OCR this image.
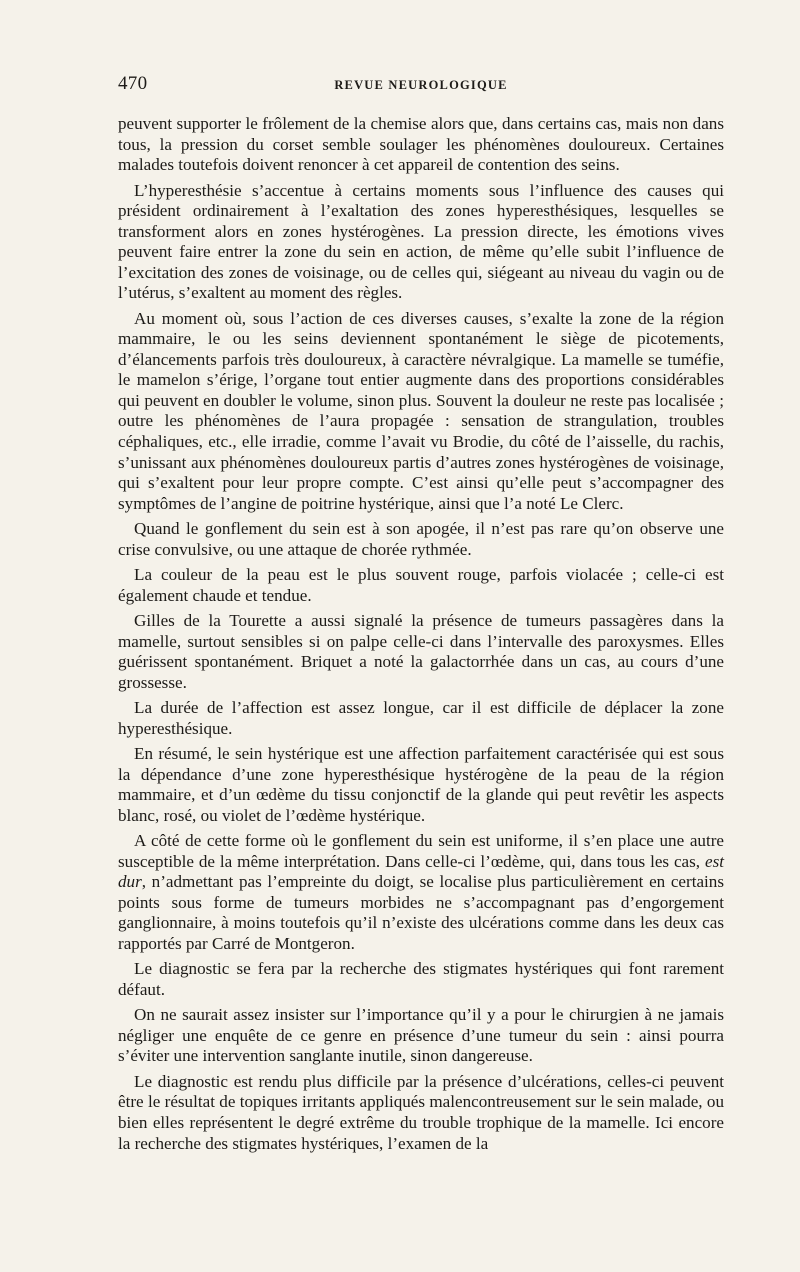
470	REVUE NEUROLOGIQUE

peuvent supporter le frôlement de la chemise alors que, dans certains cas, mais non dans tous, la pression du corset semble soulager les phénomènes douloureux. Certaines malades toutefois doivent renoncer à cet appareil de contention des seins.

L’hyperesthésie s’accentue à certains moments sous l’influence des causes qui président ordinairement à l’exaltation des zones hyperesthésiques, lesquelles se transforment alors en zones hystérogènes. La pression directe, les émotions vives peuvent faire entrer la zone du sein en action, de même qu’elle subit l’influence de l’excitation des zones de voisinage, ou de celles qui, siégeant au niveau du vagin ou de l’utérus, s’exaltent au moment des règles.

Au moment où, sous l’action de ces diverses causes, s’exalte la zone de la région mammaire, le ou les seins deviennent spontanément le siège de picotements, d’élancements parfois très douloureux, à caractère névralgique. La mamelle se tuméfie, le mamelon s’érige, l’organe tout entier augmente dans des proportions considérables qui peuvent en doubler le volume, sinon plus. Souvent la douleur ne reste pas localisée ; outre les phénomènes de l’aura propagée : sensation de strangulation, troubles céphaliques, etc., elle irradie, comme l’avait vu Brodie, du côté de l’aisselle, du rachis, s’unissant aux phénomènes douloureux partis d’autres zones hystérogènes de voisinage, qui s’exaltent pour leur propre compte. C’est ainsi qu’elle peut s’accompagner des symptômes de l’angine de poitrine hystérique, ainsi que l’a noté Le Clerc.

Quand le gonflement du sein est à son apogée, il n’est pas rare qu’on observe une crise convulsive, ou une attaque de chorée rythmée.

La couleur de la peau est le plus souvent rouge, parfois violacée ; celle-ci est également chaude et tendue.

Gilles de la Tourette a aussi signalé la présence de tumeurs passagères dans la mamelle, surtout sensibles si on palpe celle-ci dans l’intervalle des paroxysmes. Elles guérissent spontanément. Briquet a noté la galactorrhée dans un cas, au cours d’une grossesse.

La durée de l’affection est assez longue, car il est difficile de déplacer la zone hyperesthésique.

En résumé, le sein hystérique est une affection parfaitement caractérisée qui est sous la dépendance d’une zone hyperesthésique hystérogène de la peau de la région mammaire, et d’un œdème du tissu conjonctif de la glande qui peut revêtir les aspects blanc, rosé, ou violet de l’œdème hystérique.

A côté de cette forme où le gonflement du sein est uniforme, il s’en place une autre susceptible de la même interprétation. Dans celle-ci l’œdème, qui, dans tous les cas, est dur, n’admettant pas l’empreinte du doigt, se localise plus particulièrement en certains points sous forme de tumeurs morbides ne s’accompagnant pas d’engorgement ganglionnaire, à moins toutefois qu’il n’existe des ulcérations comme dans les deux cas rapportés par Carré de Montgeron.

Le diagnostic se fera par la recherche des stigmates hystériques qui font rarement défaut.

On ne saurait assez insister sur l’importance qu’il y a pour le chirurgien à ne jamais négliger une enquête de ce genre en présence d’une tumeur du sein : ainsi pourra s’éviter une intervention sanglante inutile, sinon dangereuse.

Le diagnostic est rendu plus difficile par la présence d’ulcérations, celles-ci peuvent être le résultat de topiques irritants appliqués malencontreusement sur le sein malade, ou bien elles représentent le degré extrême du trouble trophique de la mamelle. Ici encore la recherche des stigmates hystériques, l’examen de la
